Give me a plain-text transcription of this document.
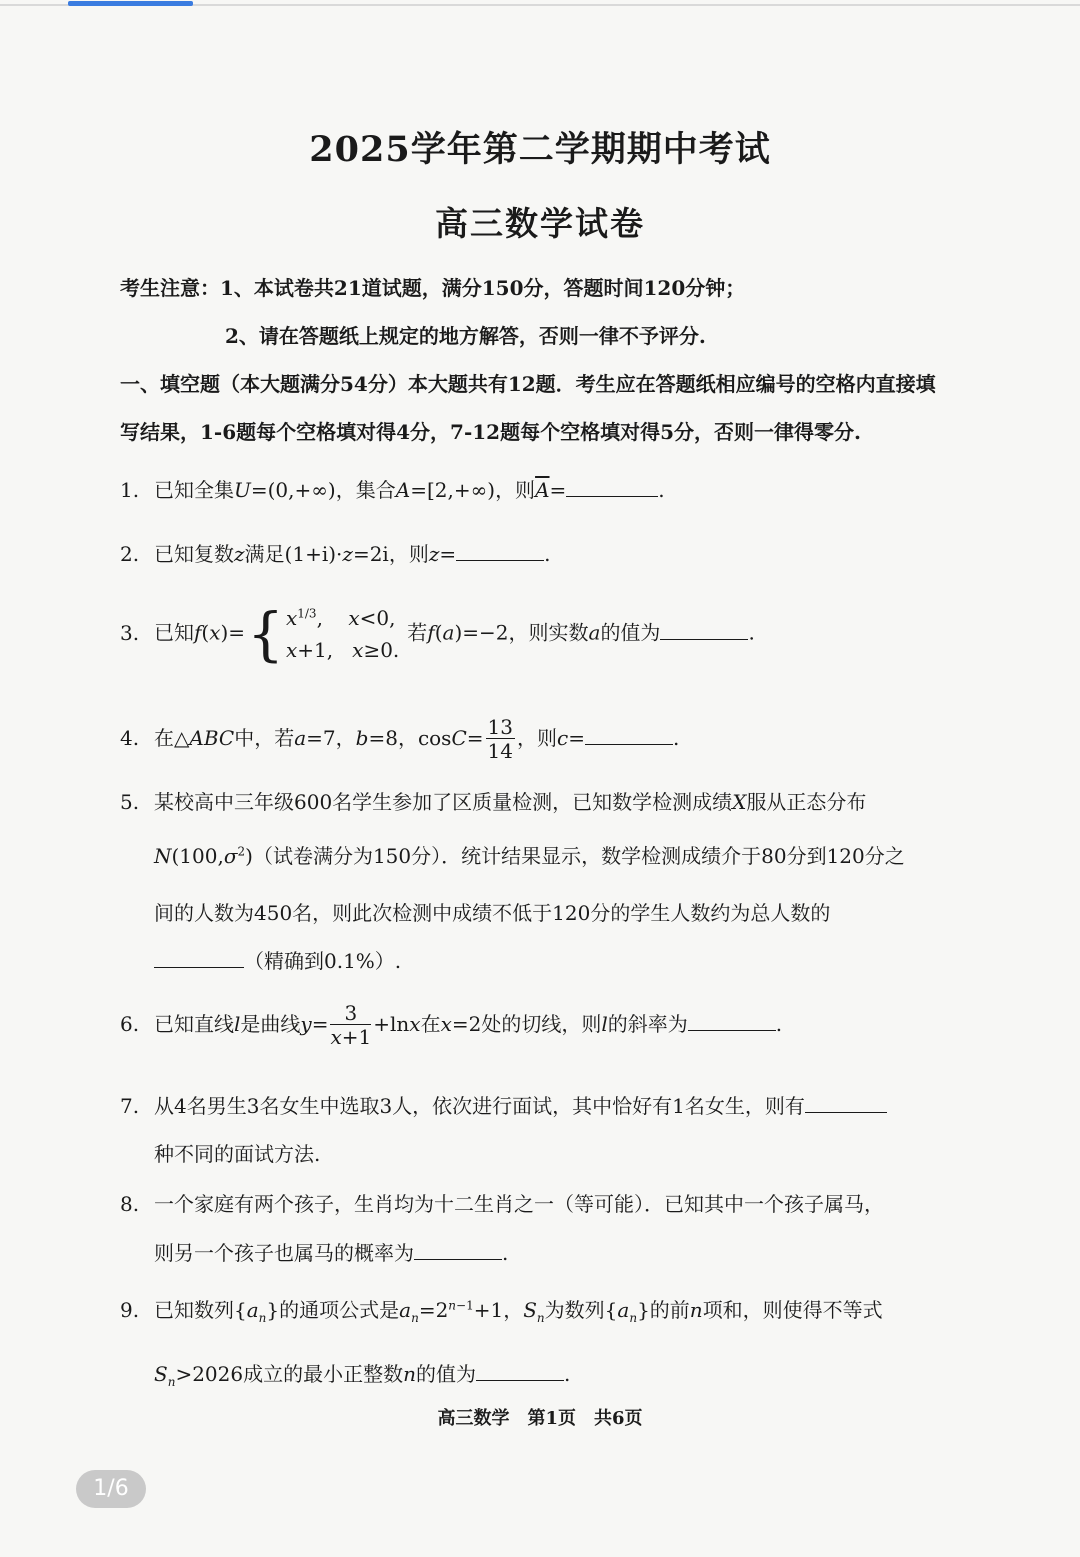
2025学年第二学期期中考试
高三数学试卷
考生注意：1、本试卷共21道试题，满分150分，答题时间120分钟；
2、请在答题纸上规定的地方解答，否则一律不予评分.
一、填空题（本大题满分54分）本大题共有12题．考生应在答题纸相应编号的空格内直接填
写结果，1-6题每个空格填对得4分，7-12题每个空格填对得5分，否则一律得零分.
1. 已知全集U=(0,+∞)，集合A=[2,+∞)，则$\overline{A}=$	.
2. 已知复数z满足(1+i)·z=2i，则z=	.
3. 已知f(x)={ $x^{1/3}$,    x<0,
x+1,   x≥0.
若f(a)=−2，则实数a的值为	.
4. 在△ABC中，若a=7，b=8，$\cos C= \frac{13}{14}$ ，则c=	.
5. 某校高中三年级600名学生参加了区质量检测，已知数学检测成绩X服从正态分布
$N(100,\sigma^2)$（试卷满分为150分）．统计结果显示，数学检测成绩介于80分到120分之
间的人数为450名，则此次检测中成绩不低于120分的学生人数约为总人数的
（精确到0.1%）.
6. 已知直线l是曲线$y= \frac{3}{x+1} +\ln x$在x=2处的切线，则l的斜率为	.
7. 从4名男生3名女生中选取3人，依次进行面试，其中恰好有1名女生，则有
种不同的面试方法.
8. 一个家庭有两个孩子，生肖均为十二生肖之一（等可能）．已知其中一个孩子属马，
则另一个孩子也属马的概率为	.
9. 已知数列$\{a_n\}$的通项公式是$a_n=2^{n-1}+1$，$S_n$为数列$\{a_n\}$的前n项和，则使得不等式
$S_n>2026$成立的最小正整数n的值为	.
高三数学　第1页　共6页
1/6
